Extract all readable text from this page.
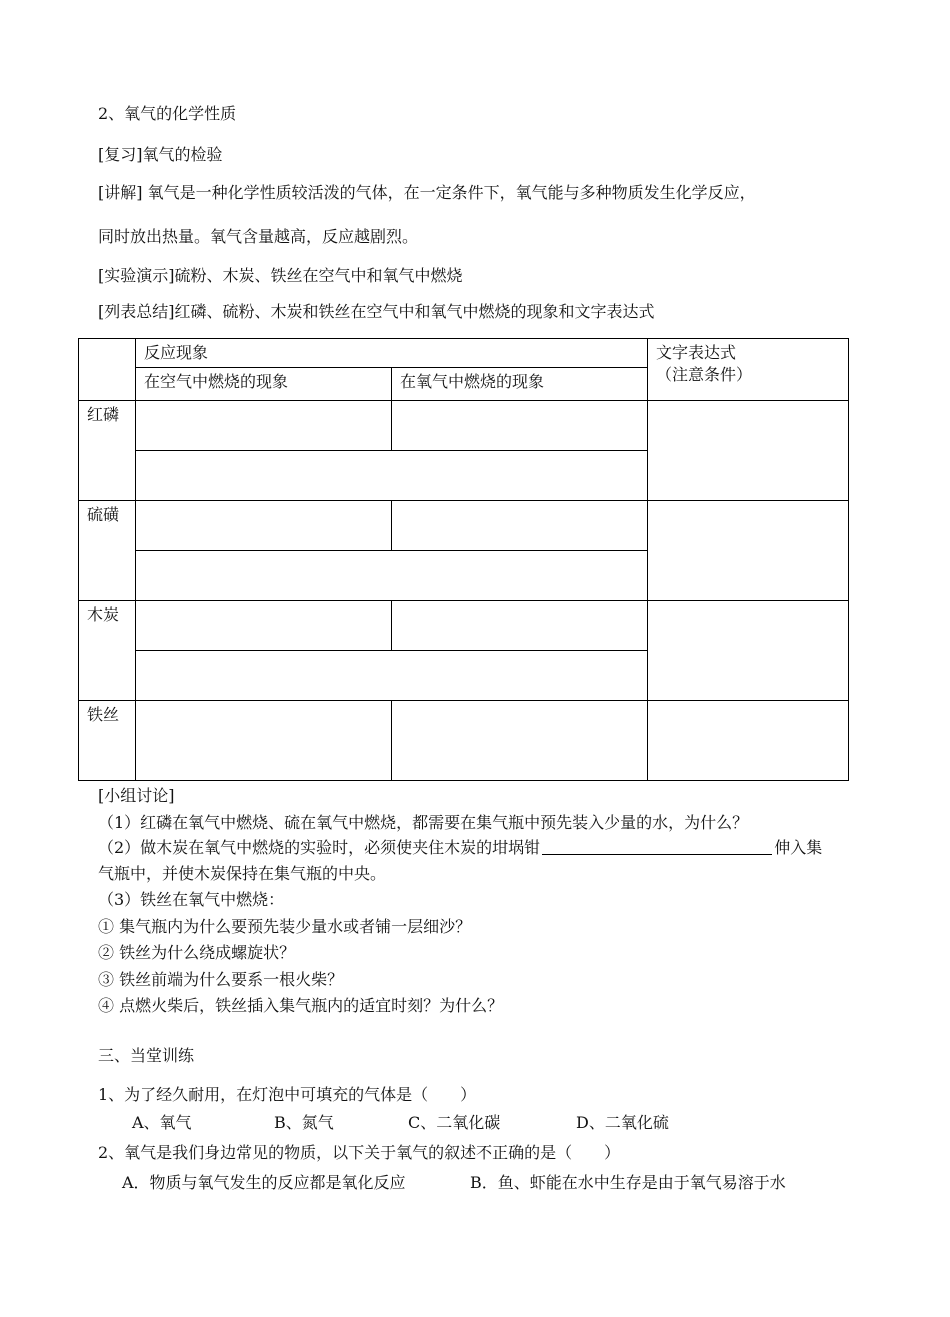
2、氧气的化学性质
[复习]氧气的检验
[讲解] 氧气是一种化学性质较活泼的气体，在一定条件下，氧气能与多种物质发生化学反应，
同时放出热量。氧气含量越高，反应越剧烈。
[实验演示]硫粉、木炭、铁丝在空气中和氧气中燃烧
[列表总结]红磷、硫粉、木炭和铁丝在空气中和氧气中燃烧的现象和文字表达式

	反应现象		文字表达式
（注意条件）

	在空气中燃烧的现象	在氧气中燃烧的现象	

红磷			

硫磺			

木炭			

铁丝			

[小组讨论]
（1）红磷在氧气中燃烧、硫在氧气中燃烧，都需要在集气瓶中预先装入少量的水，为什么？
（2）做木炭在氧气中燃烧的实验时，必须使夹住木炭的坩埚钳	伸入集
气瓶中，并使木炭保持在集气瓶的中央。
（3）铁丝在氧气中燃烧：
① 集气瓶内为什么要预先装少量水或者铺一层细沙？
② 铁丝为什么绕成螺旋状？
③ 铁丝前端为什么要系一根火柴？
④ 点燃火柴后，铁丝插入集气瓶内的适宜时刻？为什么？
三、当堂训练
1、为了经久耐用，在灯泡中可填充的气体是（　　）
A、氧气	B、氮气	C、二氧化碳	D、二氧化硫
2、氧气是我们身边常见的物质，以下关于氧气的叙述不正确的是（　　）
A．物质与氧气发生的反应都是氧化反应	B．鱼、虾能在水中生存是由于氧气易溶于水
